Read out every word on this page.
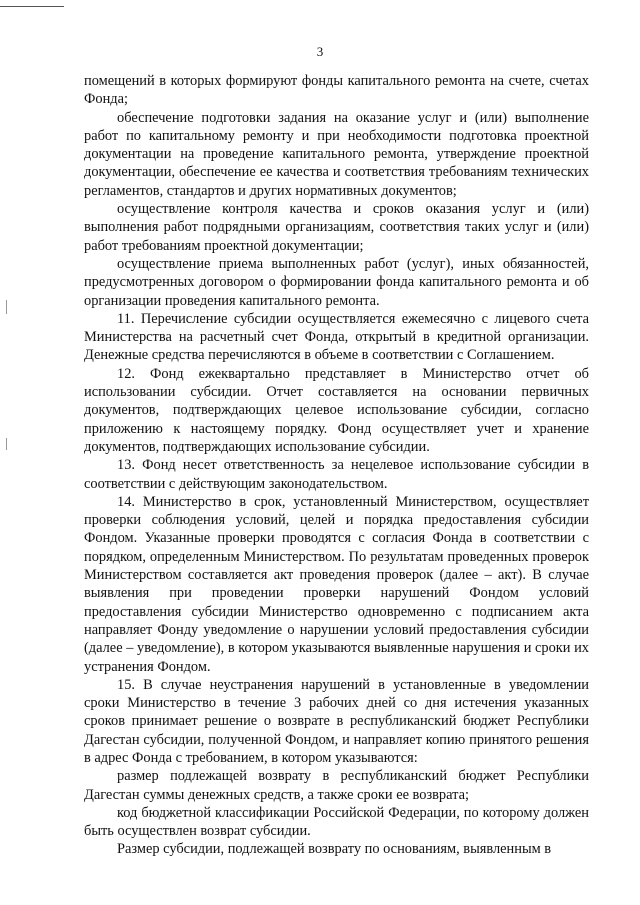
3

помещений в которых формируют фонды капитального ремонта на счете, счетах Фонда;

обеспечение подготовки задания на оказание услуг и (или) выполнение работ по капитальному ремонту и при необходимости подготовка проектной документации на проведение капитального ремонта, утверждение проектной документации, обеспечение ее качества и соответствия требованиям технических регламентов, стандартов и других нормативных документов;

осуществление контроля качества и сроков оказания услуг и (или) выполнения работ подрядными организациям, соответствия таких услуг и (или) работ требованиям проектной документации;

осуществление приема выполненных работ (услуг), иных обязанностей, предусмотренных договором о формировании фонда капитального ремонта и об организации проведения капитального ремонта.

11. Перечисление субсидии осуществляется ежемесячно с лицевого счета Министерства на расчетный счет Фонда, открытый в кредитной организации. Денежные средства перечисляются в объеме в соответствии с Соглашением.

12. Фонд ежеквартально представляет в Министерство отчет об использовании субсидии. Отчет составляется на основании первичных документов, подтверждающих целевое использование субсидии, согласно приложению к настоящему порядку. Фонд осуществляет учет и хранение документов, подтверждающих использование субсидии.

13. Фонд несет ответственность за нецелевое использование субсидии в соответствии с действующим законодательством.

14. Министерство в срок, установленный Министерством, осуществляет проверки соблюдения условий, целей и порядка предоставления субсидии Фондом. Указанные проверки проводятся с согласия Фонда в соответствии с порядком, определенным Министерством. По результатам проведенных проверок Министерством составляется акт проведения проверок (далее – акт). В случае выявления при проведении проверки нарушений Фондом условий предоставления субсидии Министерство одновременно с подписанием акта направляет Фонду уведомление о нарушении условий предоставления субсидии (далее – уведомление), в котором указываются выявленные нарушения и сроки их устранения Фондом.

15. В случае неустранения нарушений в установленные в уведомлении сроки Министерство в течение 3 рабочих дней со дня истечения указанных сроков принимает решение о возврате в республиканский бюджет Республики Дагестан субсидии, полученной Фондом, и направляет копию принятого решения в адрес Фонда с требованием, в котором указываются:

размер подлежащей возврату в республиканский бюджет Республики Дагестан суммы денежных средств, а также сроки ее возврата;

код бюджетной классификации Российской Федерации, по которому должен быть осуществлен возврат субсидии.

Размер субсидии, подлежащей возврату по основаниям, выявленным в
